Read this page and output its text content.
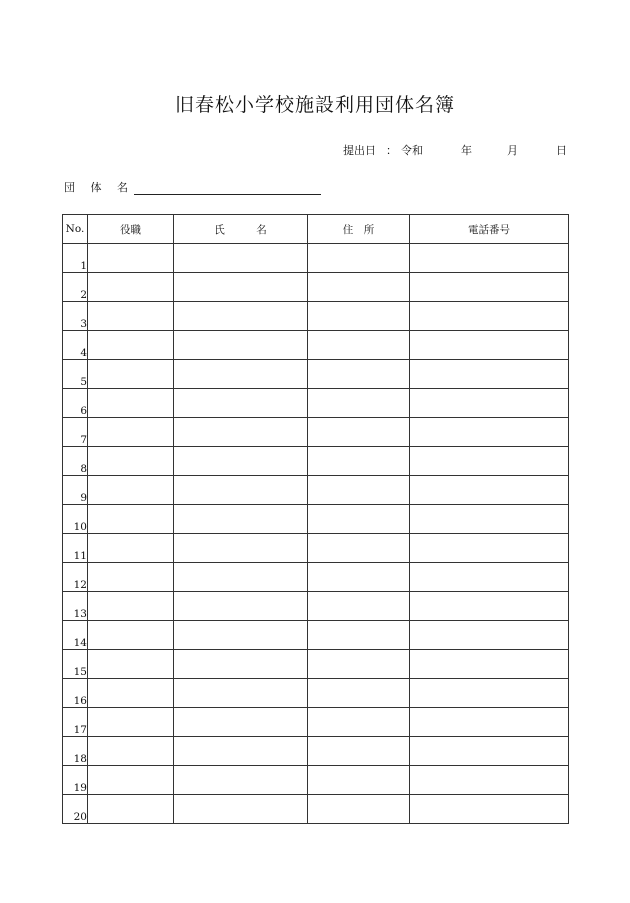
旧春松小学校施設利用団体名簿
提出日 ： 令和	年	月	日
団 体 名
No.	役職	氏　　　名	住　所	電話番号
1				
2				
3				
4				
5				
6				
7				
8				
9				
10				
11				
12				
13				
14				
15				
16				
17				
18				
19				
20				
